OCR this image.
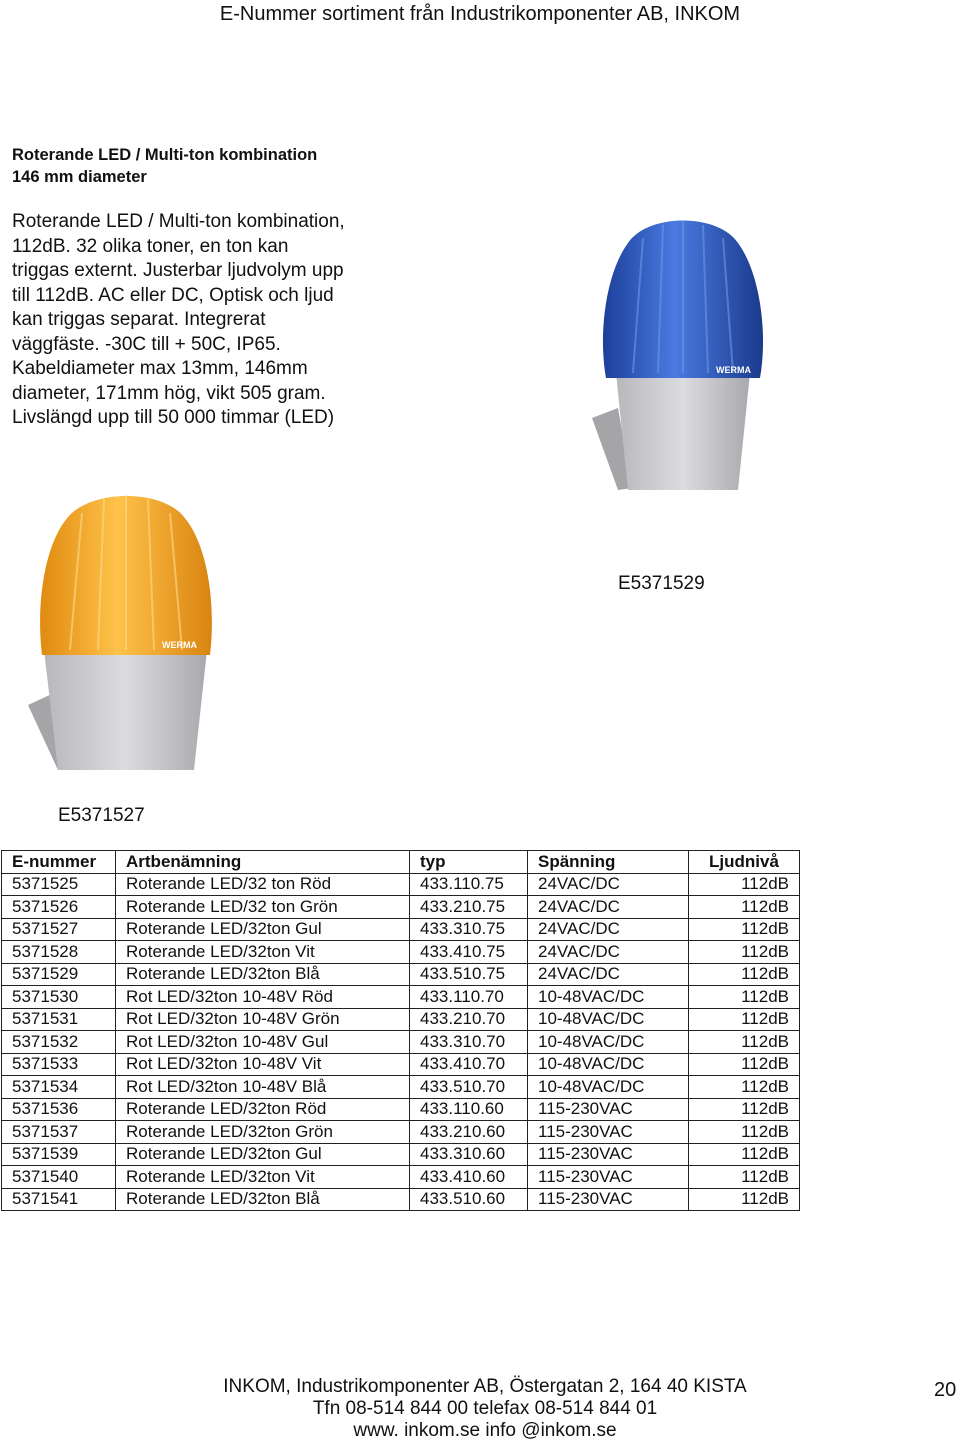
E-Nummer sortiment från Industrikomponenter AB, INKOM
Roterande LED / Multi-ton kombination
146 mm diameter
Roterande LED / Multi-ton kombination,
112dB. 32 olika toner, en ton kan
triggas externt. Justerbar ljudvolym upp
till 112dB. AC eller DC, Optisk och ljud
kan triggas separat. Integrerat
väggfäste. -30C till + 50C, IP65.
Kabeldiameter max 13mm, 146mm
diameter, 171mm hög, vikt 505 gram.
Livslängd upp till 50 000 timmar (LED)
WERMA
E5371529
WERMA
E5371527
E-nummer	Artbenämning	typ	Spänning	Ljudnivå
5371525	Roterande LED/32 ton Röd	433.110.75	24VAC/DC	112dB
5371526	Roterande LED/32 ton Grön	433.210.75	24VAC/DC	112dB
5371527	Roterande LED/32ton Gul	433.310.75	24VAC/DC	112dB
5371528	Roterande LED/32ton Vit	433.410.75	24VAC/DC	112dB
5371529	Roterande LED/32ton Blå	433.510.75	24VAC/DC	112dB
5371530	Rot LED/32ton 10-48V Röd	433.110.70	10-48VAC/DC	112dB
5371531	Rot LED/32ton 10-48V Grön	433.210.70	10-48VAC/DC	112dB
5371532	Rot LED/32ton 10-48V Gul	433.310.70	10-48VAC/DC	112dB
5371533	Rot LED/32ton 10-48V Vit	433.410.70	10-48VAC/DC	112dB
5371534	Rot LED/32ton 10-48V Blå	433.510.70	10-48VAC/DC	112dB
5371536	Roterande LED/32ton Röd	433.110.60	115-230VAC	112dB
5371537	Roterande LED/32ton Grön	433.210.60	115-230VAC	112dB
5371539	Roterande LED/32ton Gul	433.310.60	115-230VAC	112dB
5371540	Roterande LED/32ton Vit	433.410.60	115-230VAC	112dB
5371541	Roterande LED/32ton Blå	433.510.60	115-230VAC	112dB
INKOM, Industrikomponenter AB, Östergatan 2, 164 40 KISTA
Tfn 08-514 844 00 telefax 08-514 844 01
www. inkom.se info @inkom.se
20
